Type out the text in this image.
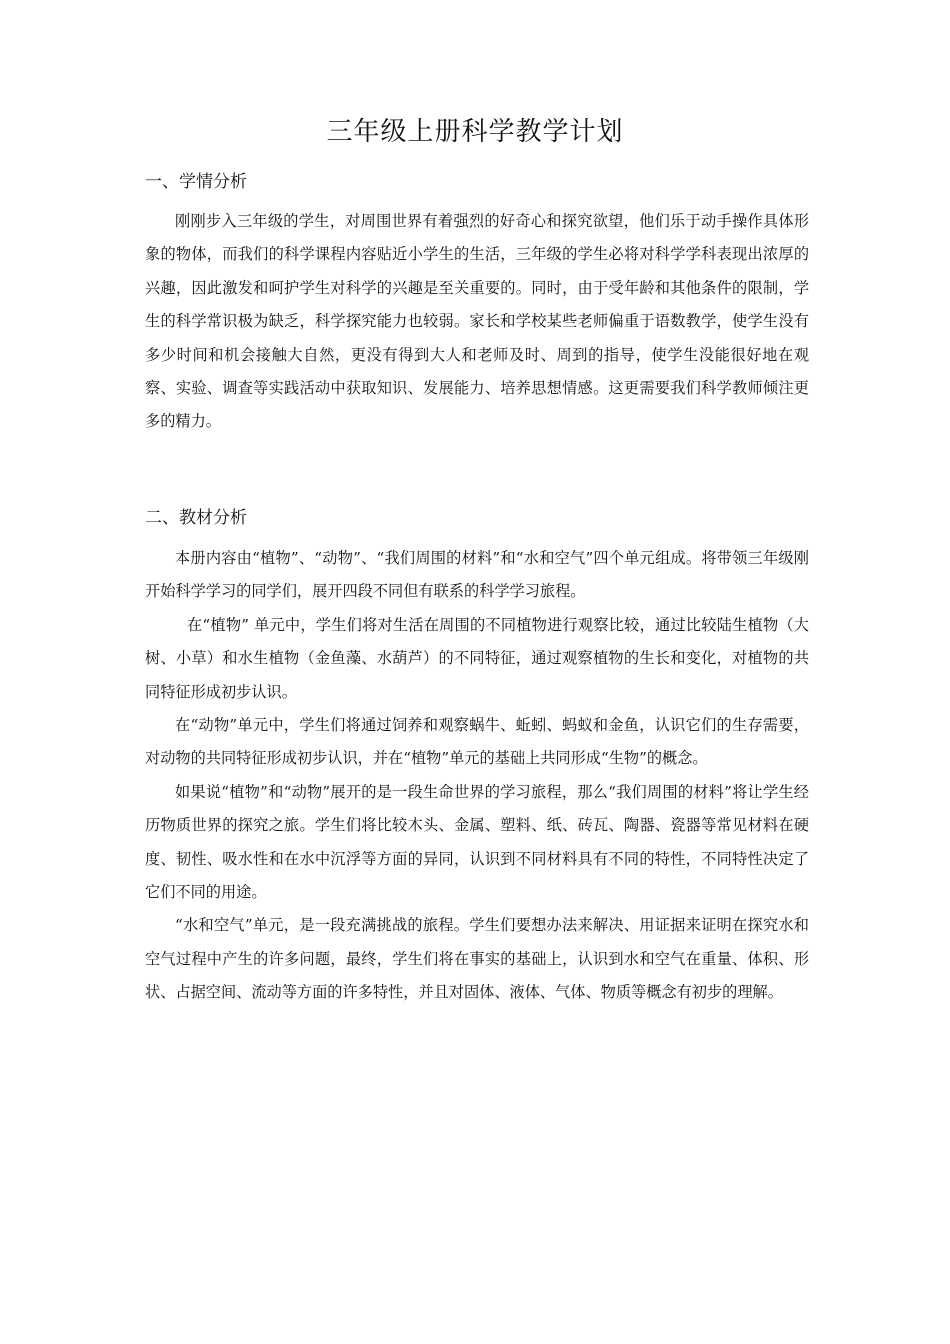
三年级上册科学教学计划
一、学情分析

刚刚步入三年级的学生，对周围世界有着强烈的好奇心和探究欲望，他们乐于动手操作具体形象的物体，而我们的科学课程内容贴近小学生的生活，三年级的学生必将对科学学科表现出浓厚的兴趣，因此激发和呵护学生对科学的兴趣是至关重要的。同时，由于受年龄和其他条件的限制，学生的科学常识极为缺乏，科学探究能力也较弱。家长和学校某些老师偏重于语数教学，使学生没有多少时间和机会接触大自然，更没有得到大人和老师及时、周到的指导，使学生没能很好地在观察、实验、调查等实践活动中获取知识、发展能力、培养思想情感。这更需要我们科学教师倾注更多的精力。

二、教材分析

本册内容由“植物”、“动物”、“我们周围的材料”和“水和空气”四个单元组成。将带领三年级刚开始科学学习的同学们，展开四段不同但有联系的科学学习旅程。

在“植物” 单元中，学生们将对生活在周围的不同植物进行观察比较，通过比较陆生植物（大树、小草）和水生植物（金鱼藻、水葫芦）的不同特征，通过观察植物的生长和变化，对植物的共同特征形成初步认识。

在“动物”单元中，学生们将通过饲养和观察蜗牛、蚯蚓、蚂蚁和金鱼，认识它们的生存需要，对动物的共同特征形成初步认识，并在“植物”单元的基础上共同形成“生物”的概念。

如果说“植物”和“动物”展开的是一段生命世界的学习旅程，那么“我们周围的材料”将让学生经历物质世界的探究之旅。学生们将比较木头、金属、塑料、纸、砖瓦、陶器、瓷器等常见材料在硬度、韧性、吸水性和在水中沉浮等方面的异同，认识到不同材料具有不同的特性，不同特性决定了它们不同的用途。

“水和空气”单元，是一段充满挑战的旅程。学生们要想办法来解决、用证据来证明在探究水和空气过程中产生的许多问题，最终，学生们将在事实的基础上，认识到水和空气在重量、体积、形状、占据空间、流动等方面的许多特性，并且对固体、液体、气体、物质等概念有初步的理解。
